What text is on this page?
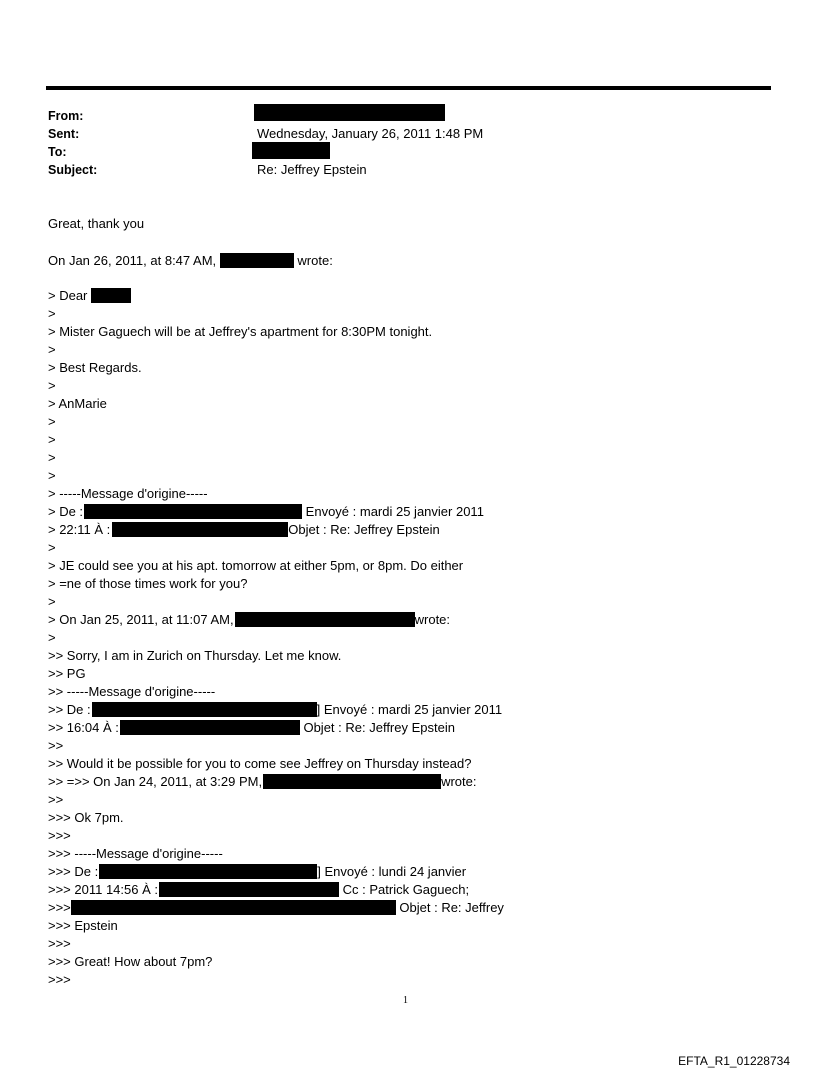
From:
Sent:	Wednesday, January 26, 2011 1:48 PM
To:
Subject:	Re: Jeffrey Epstein
Great, thank you
On Jan 26, 2011, at 8:47 AM,	wrote:
> Dear
>
> Mister Gaguech will be at Jeffrey's apartment for 8:30PM tonight.
>
> Best Regards.
>
> AnMarie
>
>
>
>
> -----Message d'origine-----
> De :	Envoyé : mardi 25 janvier 2011
> 22:11 À :	Objet : Re: Jeffrey Epstein
>
> JE could see you at his apt. tomorrow at either 5pm, or 8pm. Do either
> =ne of those times work for you?
>
> On Jan 25, 2011, at 11:07 AM,	wrote:
>
>> Sorry, I am in Zurich on Thursday. Let me know.
>> PG
>> -----Message d'origine-----
>> De :	] Envoyé : mardi 25 janvier 2011
>> 16:04 À :	Objet : Re: Jeffrey Epstein
>>
>> Would it be possible for you to come see Jeffrey on Thursday instead?
>> =>> On Jan 24, 2011, at 3:29 PM,	wrote:
>>
>>> Ok 7pm.
>>>
>>> -----Message d'origine-----
>>> De :	] Envoyé : lundi 24 janvier
>>> 2011 14:56 À :	Cc : Patrick Gaguech;
>>>	Objet : Re: Jeffrey
>>> Epstein
>>>
>>> Great! How about 7pm?
>>>
1
EFTA_R1_01228734
